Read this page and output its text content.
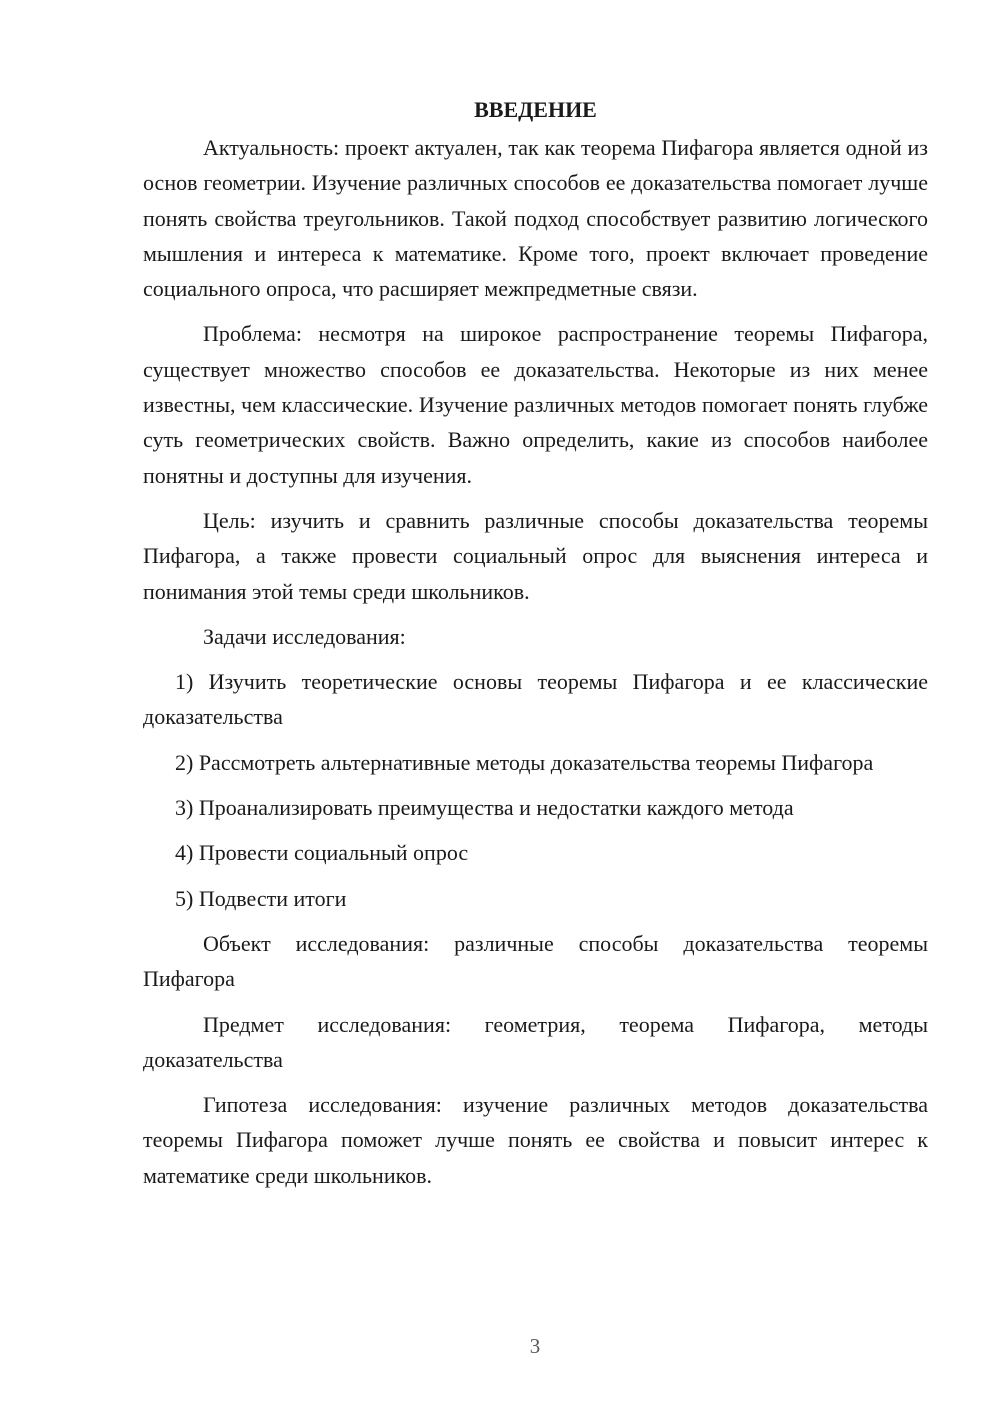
ВВЕДЕНИЕ

Актуальность: проект актуален, так как теорема Пифагора является одной из основ геометрии. Изучение различных способов ее доказательства помогает лучше понять свойства треугольников. Такой подход способствует развитию логического мышления и интереса к математике. Кроме того, проект включает проведение социального опроса, что расширяет межпредметные связи.

Проблема: несмотря на широкое распространение теоремы Пифагора, существует множество способов ее доказательства. Некоторые из них менее известны, чем классические. Изучение различных методов помогает понять глубже суть геометрических свойств. Важно определить, какие из способов наиболее понятны и доступны для изучения.

Цель: изучить и сравнить различные способы доказательства теоремы Пифагора, а также провести социальный опрос для выяснения интереса и понимания этой темы среди школьников.

Задачи исследования:

1) Изучить теоретические основы теоремы Пифагора и ее классические доказательства

2) Рассмотреть альтернативные методы доказательства теоремы Пифагора

3) Проанализировать преимущества и недостатки каждого метода

4) Провести социальный опрос

5) Подвести итоги

Объект исследования: различные способы доказательства теоремы Пифагора

Предмет исследования: геометрия, теорема Пифагора, методы доказательства

Гипотеза исследования: изучение различных методов доказательства теоремы Пифагора поможет лучше понять ее свойства и повысит интерес к математике среди школьников.

3
